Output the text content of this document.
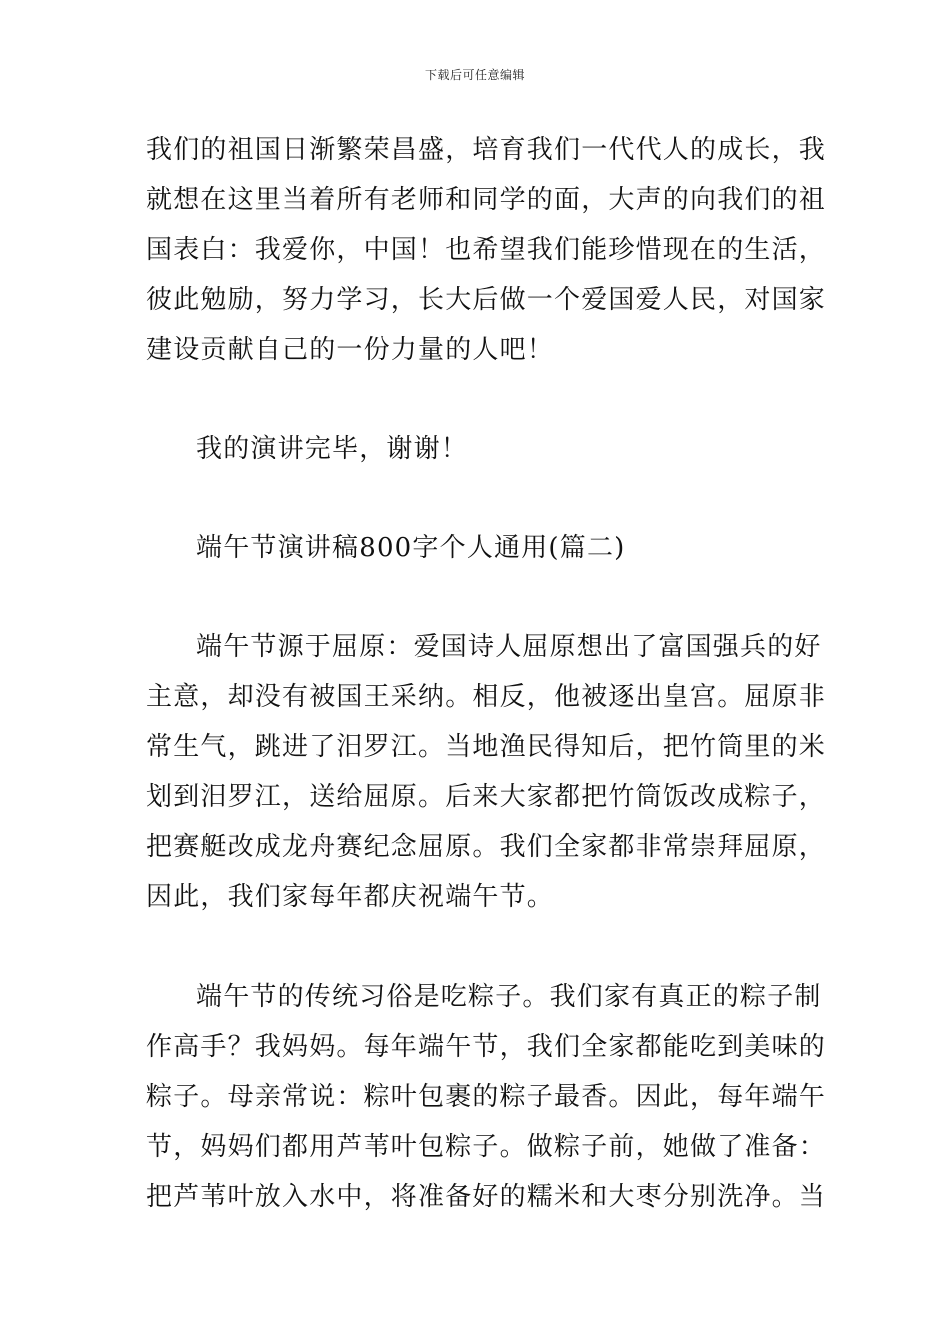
下载后可任意编辑
我们的祖国日渐繁荣昌盛，培育我们一代代人的成长，我
就想在这里当着所有老师和同学的面，大声的向我们的祖
国表白：我爱你，中国！也希望我们能珍惜现在的生活，
彼此勉励，努力学习，长大后做一个爱国爱人民，对国家
建设贡献自己的一份力量的人吧！
我的演讲完毕，谢谢！
端午节演讲稿800字个人通用(篇二)
端午节源于屈原：爱国诗人屈原想出了富国强兵的好
主意，却没有被国王采纳。相反，他被逐出皇宫。屈原非
常生气，跳进了汨罗江。当地渔民得知后，把竹筒里的米
划到汨罗江，送给屈原。后来大家都把竹筒饭改成粽子，
把赛艇改成龙舟赛纪念屈原。我们全家都非常崇拜屈原，
因此，我们家每年都庆祝端午节。
端午节的传统习俗是吃粽子。我们家有真正的粽子制
作高手？我妈妈。每年端午节，我们全家都能吃到美味的
粽子。母亲常说：粽叶包裹的粽子最香。因此，每年端午
节，妈妈们都用芦苇叶包粽子。做粽子前，她做了准备：
把芦苇叶放入水中，将准备好的糯米和大枣分别洗净。当
